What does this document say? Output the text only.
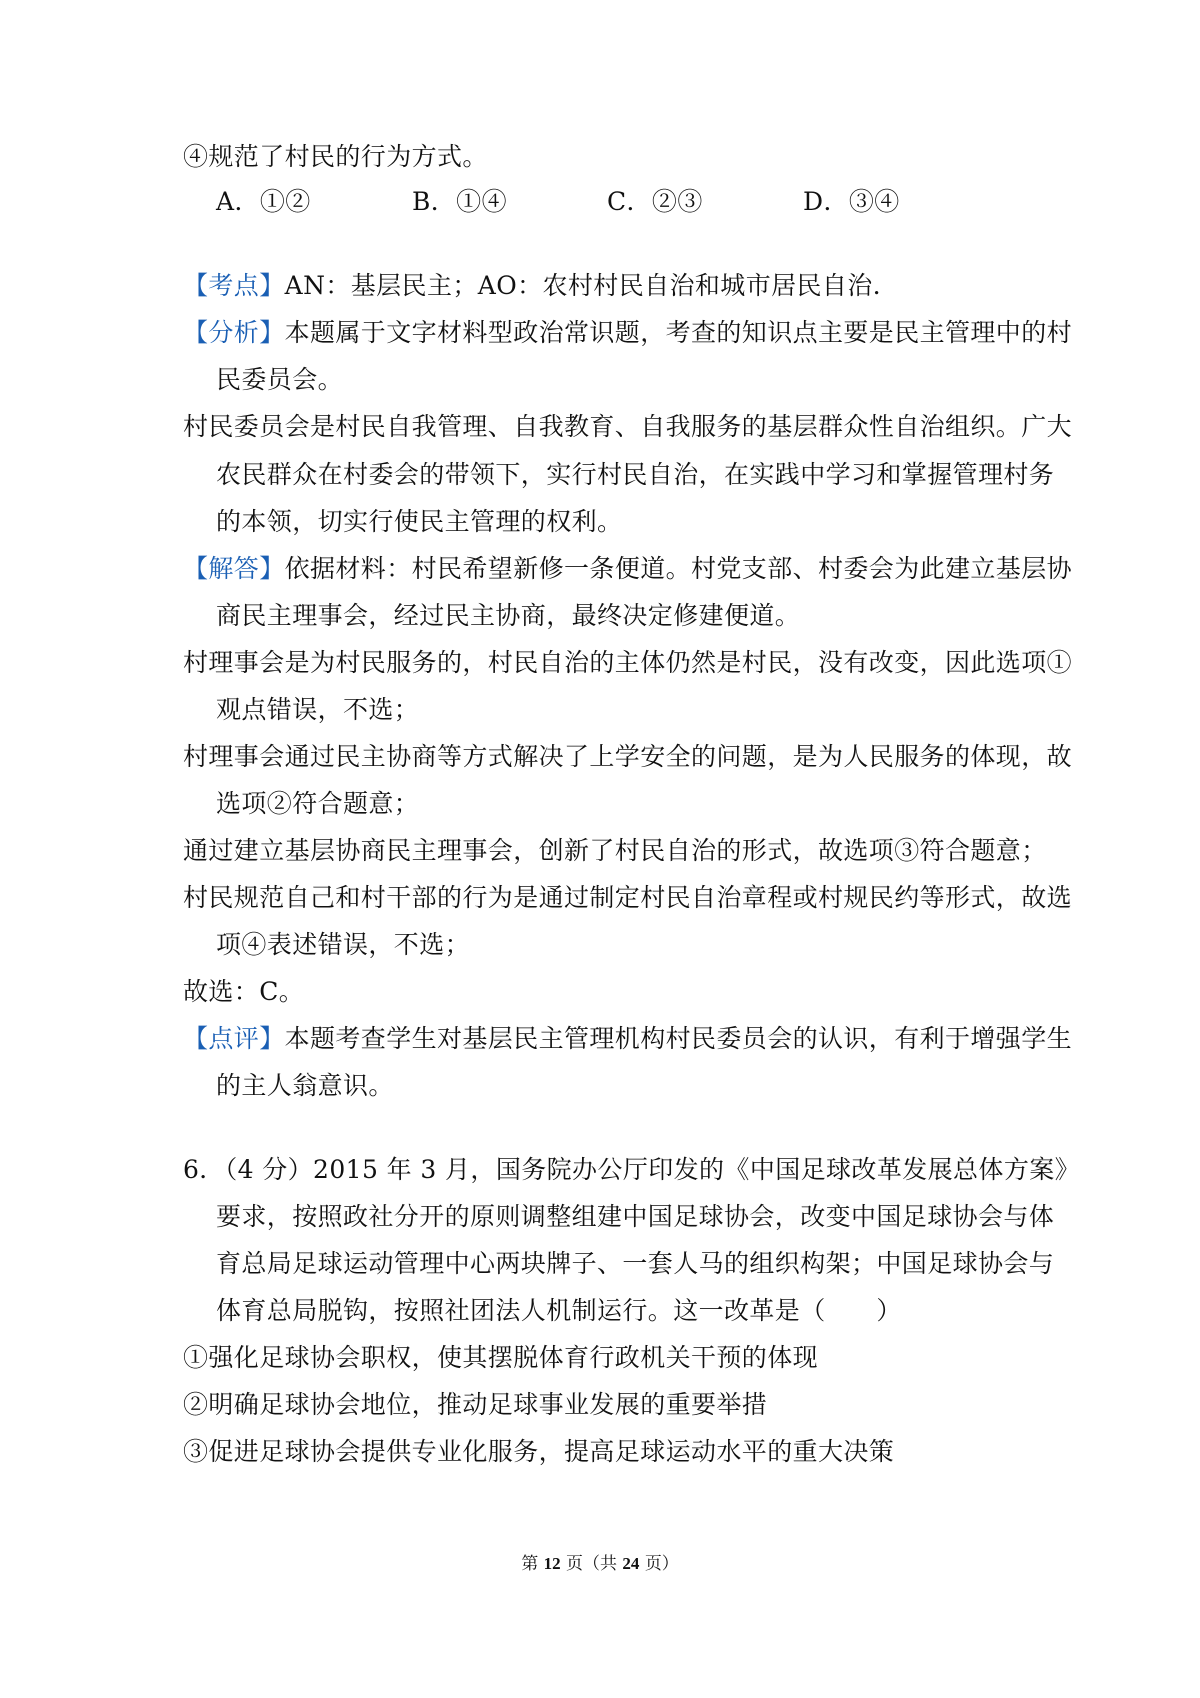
④规范了村民的行为方式。
A．①②	B．①④	C．②③	D．③④
【考点】AN：基层民主；AO：农村村民自治和城市居民自治．
【分析】本题属于文字材料型政治常识题，考查的知识点主要是民主管理中的村
民委员会。
村民委员会是村民自我管理、自我教育、自我服务的基层群众性自治组织。广大
农民群众在村委会的带领下，实行村民自治，在实践中学习和掌握管理村务
的本领，切实行使民主管理的权利。
【解答】依据材料：村民希望新修一条便道。村党支部、村委会为此建立基层协
商民主理事会，经过民主协商，最终决定修建便道。
村理事会是为村民服务的，村民自治的主体仍然是村民，没有改变，因此选项①
观点错误，不选；
村理事会通过民主协商等方式解决了上学安全的问题，是为人民服务的体现，故
选项②符合题意；
通过建立基层协商民主理事会，创新了村民自治的形式，故选项③符合题意；
村民规范自己和村干部的行为是通过制定村民自治章程或村规民约等形式，故选
项④表述错误，不选；
故选：C。
【点评】本题考查学生对基层民主管理机构村民委员会的认识，有利于增强学生
的主人翁意识。
6．（4 分）2015 年 3 月，国务院办公厅印发的《中国足球改革发展总体方案》
要求，按照政社分开的原则调整组建中国足球协会，改变中国足球协会与体
育总局足球运动管理中心两块牌子、一套人马的组织构架；中国足球协会与
体育总局脱钩，按照社团法人机制运行。这一改革是（　　）
①强化足球协会职权，使其摆脱体育行政机关干预的体现
②明确足球协会地位，推动足球事业发展的重要举措
③促进足球协会提供专业化服务，提高足球运动水平的重大决策
第 12 页（共 24 页）
